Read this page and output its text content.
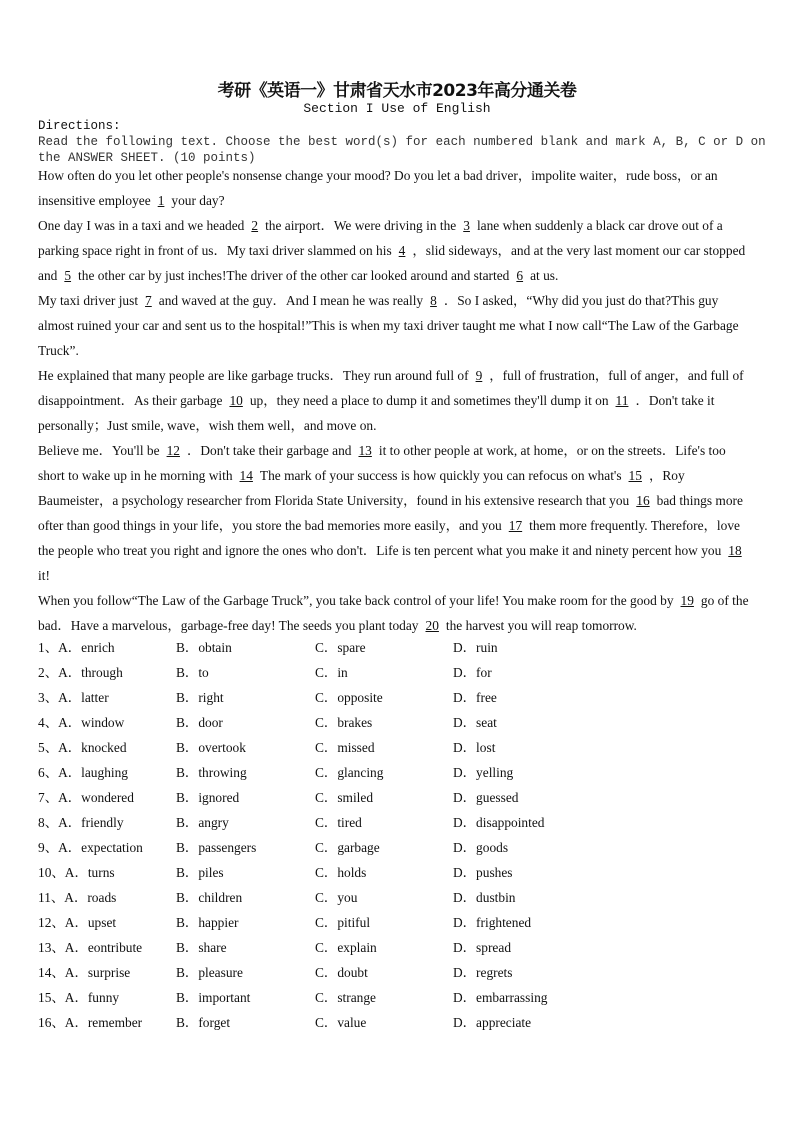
考研《英语一》甘肃省天水市2023年高分通关卷
Section I Use of English
Directions:
Read the following text. Choose the best word(s) for each numbered blank and mark A, B, C or D on the ANSWER SHEET. (10 points)

How often do you let other people's nonsense change your mood? Do you let a bad driver，impolite waiter，rude boss，or an insensitive employee 1 your day?

One day I was in a taxi and we headed 2 the airport．We were driving in the 3 lane when suddenly a black car drove out of a parking space right in front of us．My taxi driver slammed on his 4 ，slid sideways，and at the very last moment our car stopped and 5 the other car by just inches!The driver of the other car looked around and started 6 at us.

My taxi driver just 7 and waved at the guy．And I mean he was really 8 ．So I asked，“Why did you just do that?This guy almost ruined your car and sent us to the hospital!”This is when my taxi driver taught me what I now call“The Law of the Garbage Truck”.

He explained that many people are like garbage trucks．They run around full of 9 ，full of frustration，full of anger，and full of disappointment．As their garbage 10 up，they need a place to dump it and sometimes they'll dump it on 11 ．Don't take it personally；Just smile, wave，wish them well，and move on.

Believe me．You'll be 12 ．Don't take their garbage and 13 it to other people at work, at home，or on the streets．Life's too short to wake up in he morning with 14 The mark of your success is how quickly you can refocus on what's 15 ，Roy Baumeister，a psychology researcher from Florida State University，found in his extensive research that you 16 bad things more ofter than good things in your life，you store the bad memories more easily，and you 17 them more frequently. Therefore，love the people who treat you right and ignore the ones who don't．Life is ten percent what you make it and ninety percent how you 18it!

When you follow“The Law of the Garbage Truck”, you take back control of your life! You make room for the good by 19 go of the bad．Have a marvelous，garbage-free day! The seeds you plant today 20 the harvest you will reap tomorrow.

1、A．enrich	B．obtain	C．spare	D．ruin
2、A．through	B．to	C．in	D．for
3、A．latter	B．right	C．opposite	D．free
4、A．window	B．door	C．brakes	D．seat
5、A．knocked	B．overtook	C．missed	D．lost
6、A．laughing	B．throwing	C．glancing	D．yelling
7、A．wondered	B．ignored	C．smiled	D．guessed
8、A．friendly	B．angry	C．tired	D．disappointed
9、A．expectation B．passengers	C．garbage	D．goods
10、A．turns	B．piles	C．holds	D．pushes
11、A．roads	B．children	C．you	D．dustbin
12、A．upset	B．happier	C．pitiful	D．frightened
13、A．eontribute	B．share	C．explain	D．spread
14、A．surprise	B．pleasure	C．doubt	D．regrets
15、A．funny	B．important	C．strange	D．embarrassing
16、A．remember	B．forget	C．value	D．appreciate
